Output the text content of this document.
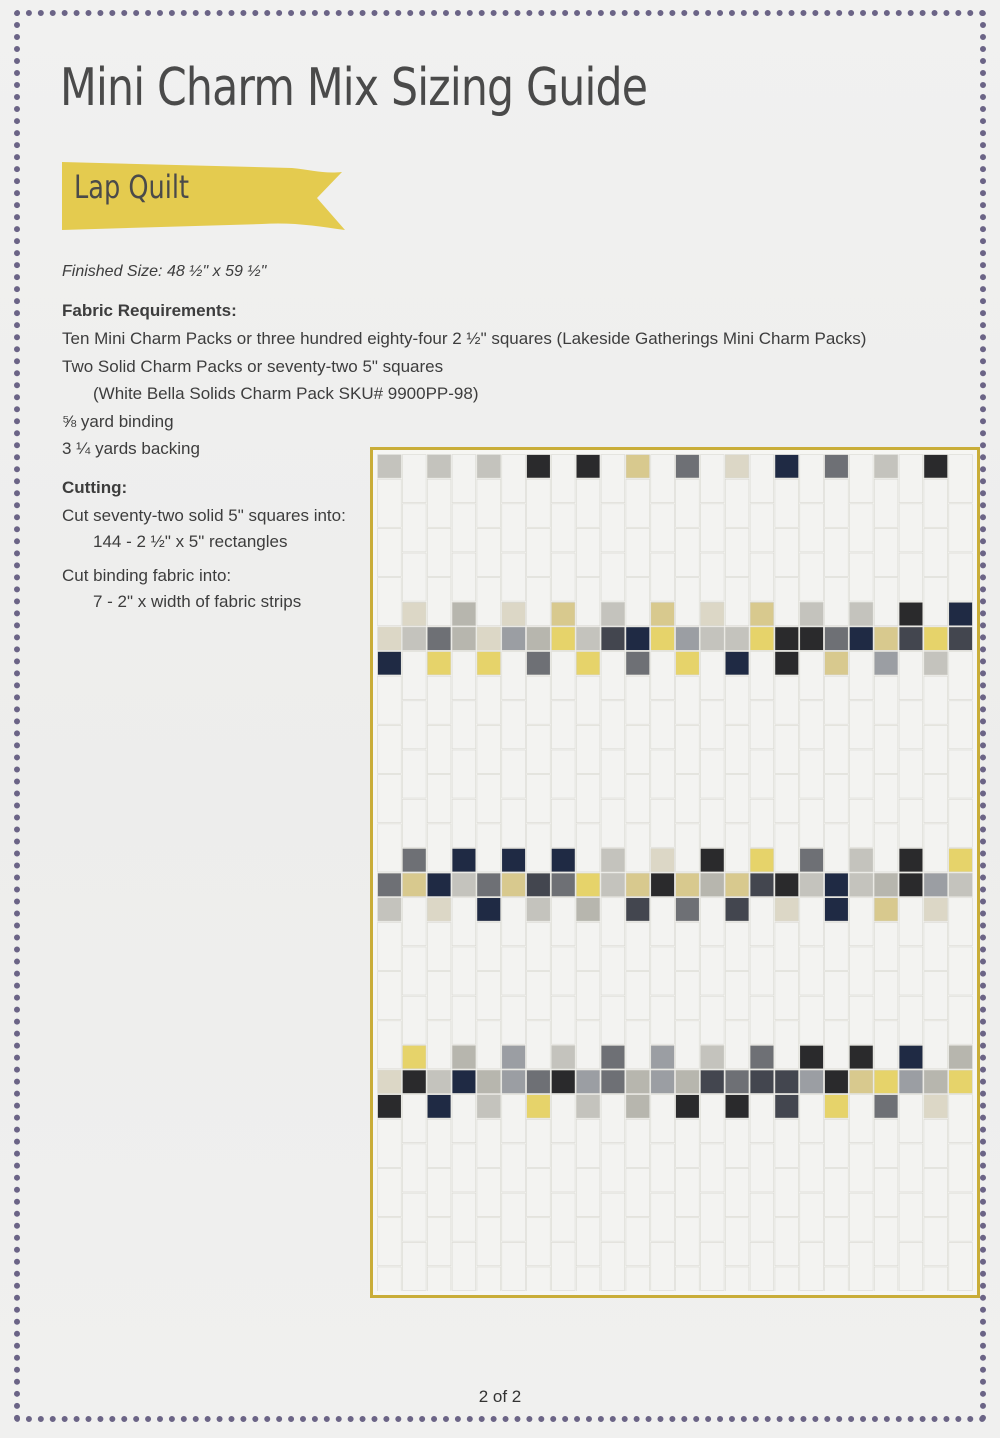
Mini Charm Mix Sizing Guide
Lap Quilt
Finished Size: 48 ½" x 59 ½"
Fabric Requirements:
Ten Mini Charm Packs or three hundred eighty-four 2 ½" squares (Lakeside Gatherings Mini Charm Packs)
Two Solid Charm Packs or seventy-two 5" squares
(White Bella Solids Charm Pack SKU# 9900PP-98)
⅝ yard binding
3 ¼ yards backing
Cutting:
Cut seventy-two solid 5" squares into:
144 - 2 ½" x 5" rectangles
Cut binding fabric into:
7 - 2" x width of fabric strips
2 of 2
